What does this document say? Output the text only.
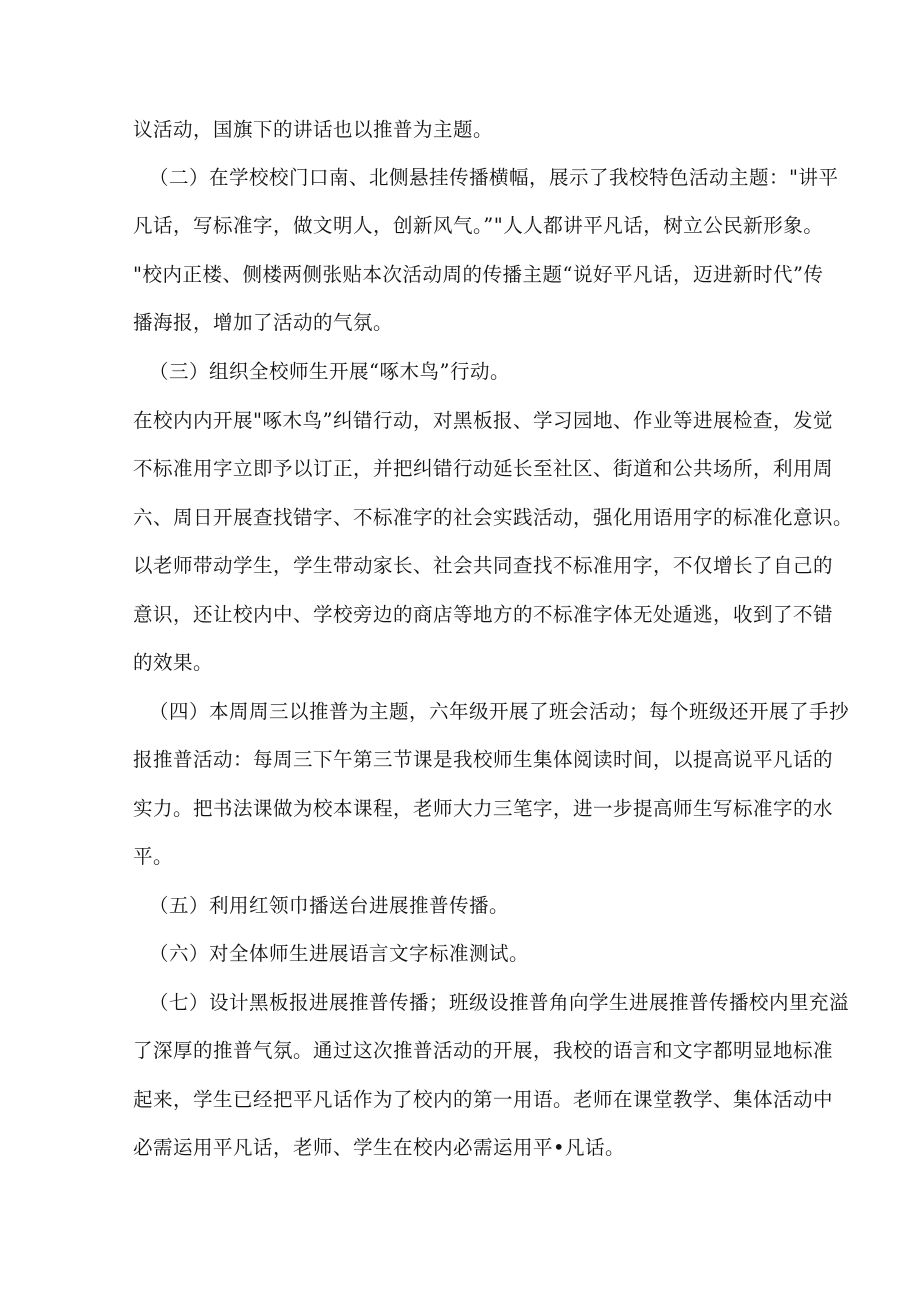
议活动，国旗下的讲话也以推普为主题。
（二）在学校校门口南、北侧悬挂传播横幅，展示了我校特色活动主题："讲平
凡话，写标准字，做文明人，创新风气。”"人人都讲平凡话，树立公民新形象。
"校内正楼、侧楼两侧张贴本次活动周的传播主题“说好平凡话，迈进新时代”传
播海报，增加了活动的气氛。
（三）组织全校师生开展“啄木鸟”行动。
在校内内开展"啄木鸟”纠错行动，对黑板报、学习园地、作业等进展检查，发觉
不标准用字立即予以订正，并把纠错行动延长至社区、街道和公共场所，利用周
六、周日开展查找错字、不标准字的社会实践活动，强化用语用字的标准化意识。
以老师带动学生，学生带动家长、社会共同查找不标准用字，不仅增长了自己的
意识，还让校内中、学校旁边的商店等地方的不标准字体无处遁逃，收到了不错
的效果。
（四）本周周三以推普为主题，六年级开展了班会活动；每个班级还开展了手抄
报推普活动：每周三下午第三节课是我校师生集体阅读时间，以提高说平凡话的
实力。把书法课做为校本课程，老师大力三笔字，进一步提高师生写标准字的水
平。
（五）利用红领巾播送台进展推普传播。
（六）对全体师生进展语言文字标准测试。
（七）设计黑板报进展推普传播；班级设推普角向学生进展推普传播校内里充溢
了深厚的推普气氛。通过这次推普活动的开展，我校的语言和文字都明显地标准
起来，学生已经把平凡话作为了校内的第一用语。老师在课堂教学、集体活动中
必需运用平凡话，老师、学生在校内必需运用平•凡话。
